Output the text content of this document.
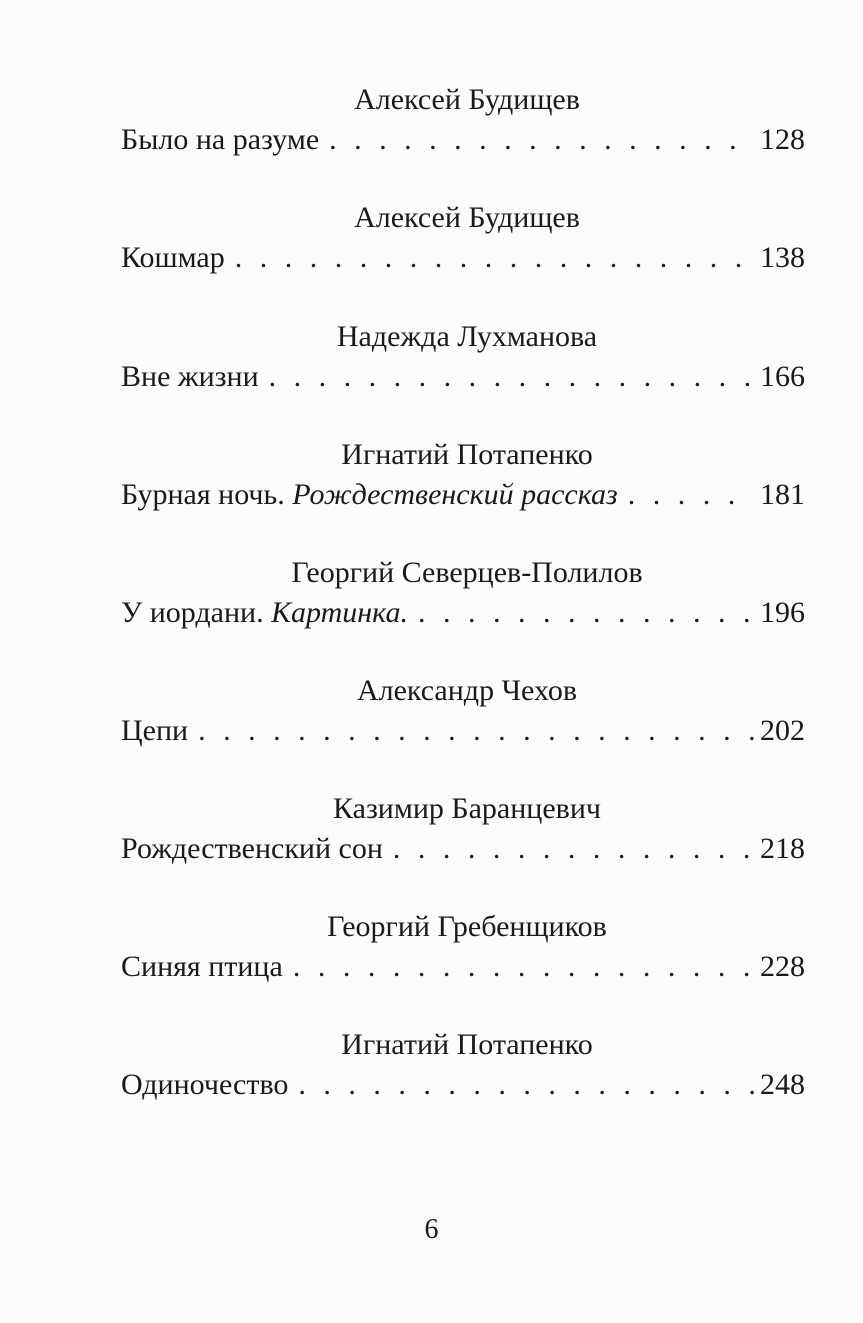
Алексей Будищев
Было на разуме . . .	128
Алексей Будищев
Кошмар . . .	138
Надежда Лухманова
Вне жизни . . .	166
Игнатий Потапенко
Бурная ночь. Рождественский рассказ . . .	181
Георгий Северцев-Полилов
У иордани. Картинка. . . .	196
Александр Чехов
Цепи . . .	202
Казимир Баранцевич
Рождественский сон . . .	218
Георгий Гребенщиков
Синяя птица . . .	228
Игнатий Потапенко
Одиночество . . .	248
6
